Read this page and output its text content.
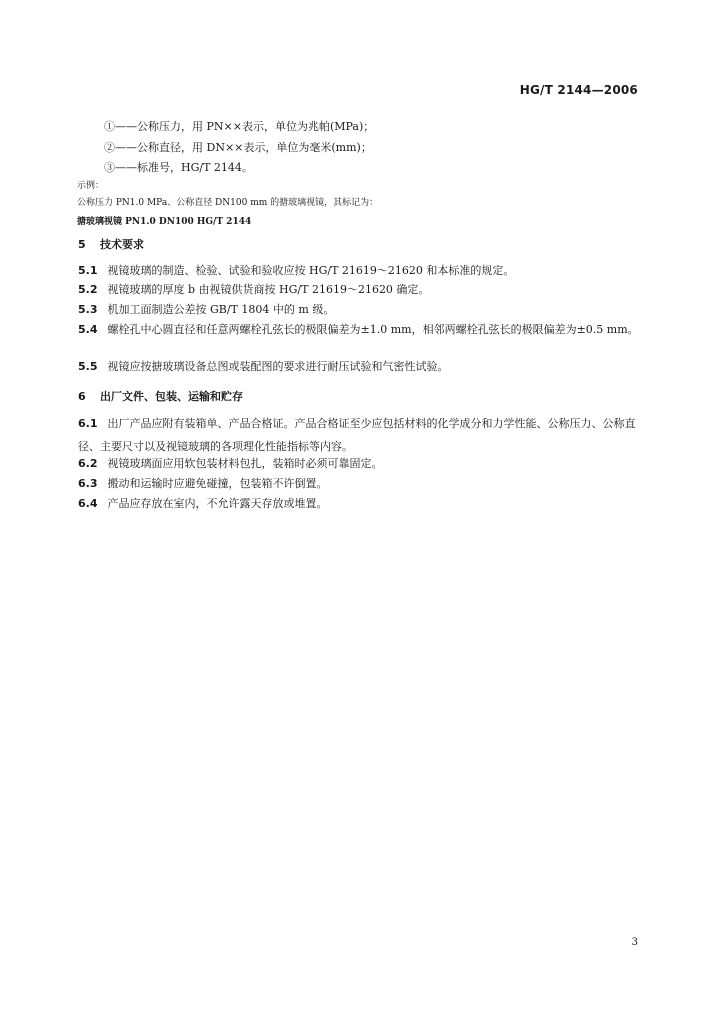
HG/T 2144—2006
①——公称压力，用 PN××表示，单位为兆帕(MPa)；
②——公称直径，用 DN××表示，单位为毫米(mm)；
③——标准号，HG/T 2144。
示例：
公称压力 PN1.0 MPa、公称直径 DN100 mm 的搪玻璃视镜，其标记为：
搪玻璃视镜 PN1.0 DN100 HG/T 2144
5 技术要求
5.1 视镜玻璃的制造、检验、试验和验收应按 HG/T 21619～21620 和本标准的规定。
5.2 视镜玻璃的厚度 b 由视镜供货商按 HG/T 21619～21620 确定。
5.3 机加工面制造公差按 GB/T 1804 中的 m 级。
5.4 螺栓孔中心圆直径和任意两螺栓孔弦长的极限偏差为±1.0 mm，相邻两螺栓孔弦长的极限偏差为±0.5 mm。
5.5 视镜应按搪玻璃设备总图或装配图的要求进行耐压试验和气密性试验。
6 出厂文件、包装、运输和贮存
6.1 出厂产品应附有装箱单、产品合格证。产品合格证至少应包括材料的化学成分和力学性能、公称压力、公称直径、主要尺寸以及视镜玻璃的各项理化性能指标等内容。
6.2 视镜玻璃面应用软包装材料包扎，装箱时必须可靠固定。
6.3 搬动和运输时应避免碰撞，包装箱不许倒置。
6.4 产品应存放在室内，不允许露天存放或堆置。
3
